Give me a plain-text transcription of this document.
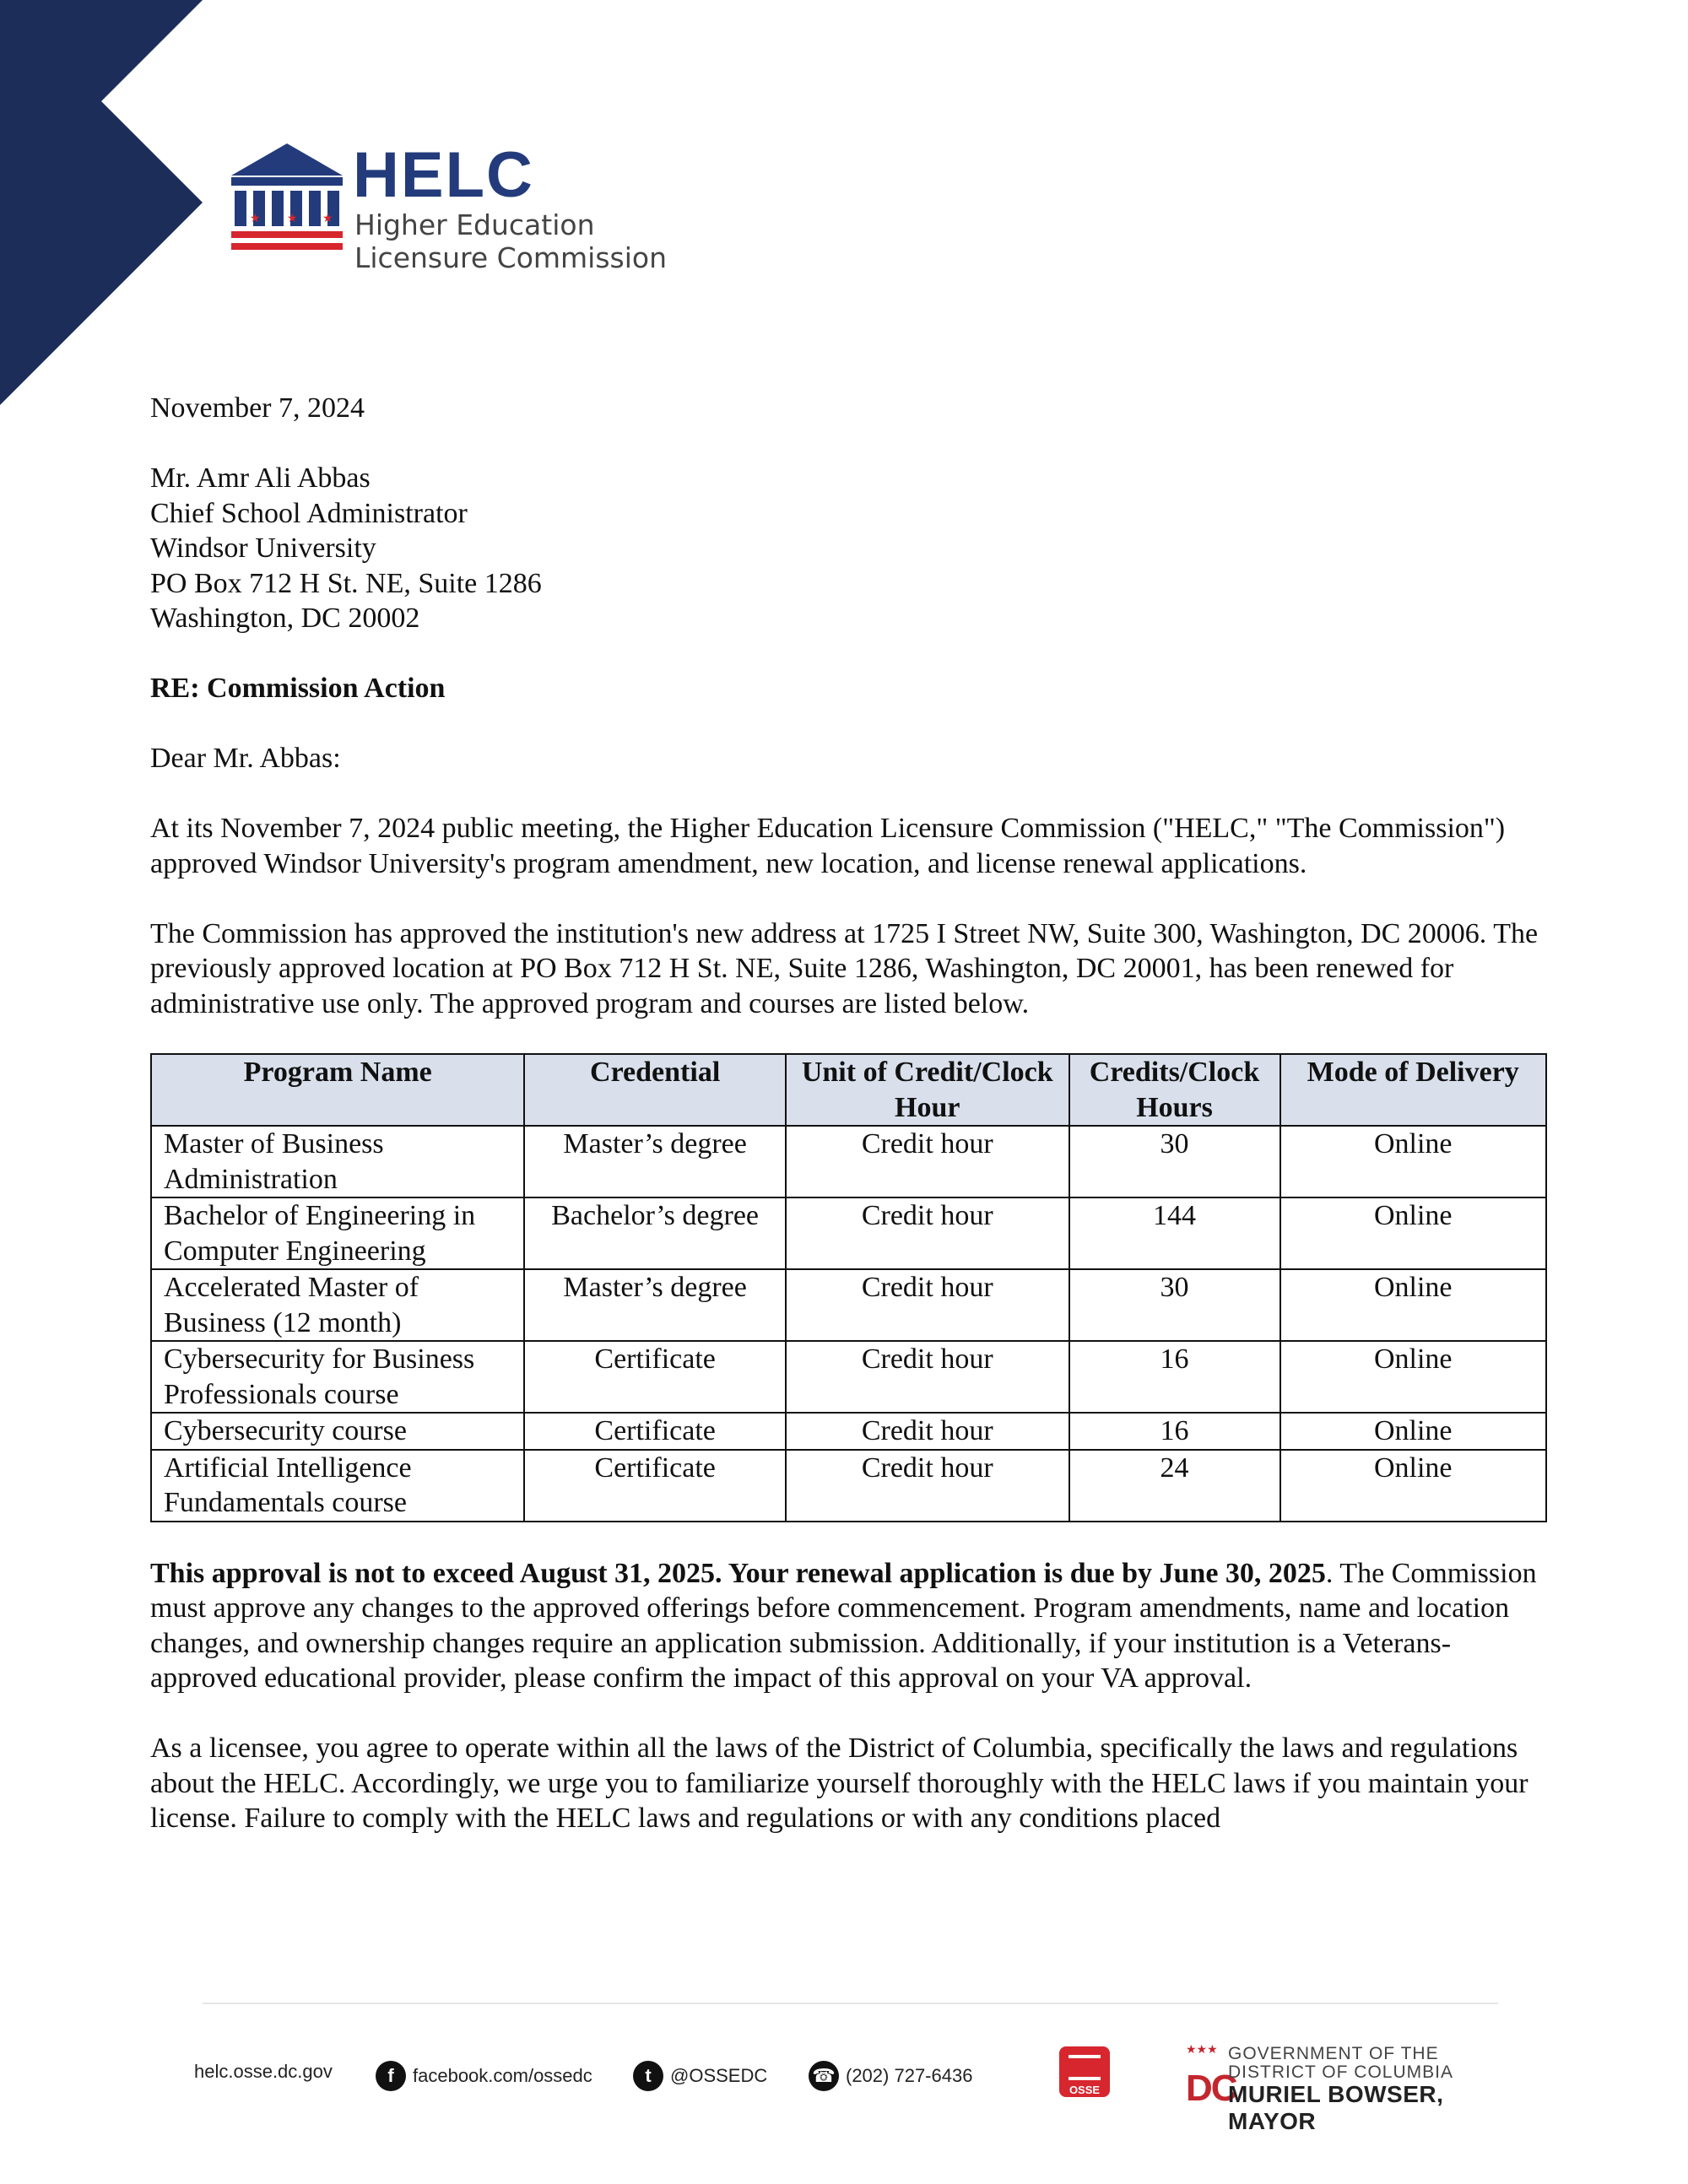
★ ★ ★

HELC

Higher Education

Licensure Commission

November 7, 2024

Mr. Amr Ali Abbas

Chief School Administrator

Windsor University

PO Box 712 H St. NE, Suite 1286

Washington, DC 20002

RE: Commission Action

Dear Mr. Abbas:

At its November 7, 2024 public meeting, the Higher Education Licensure Commission ("HELC," "The Commission") approved Windsor University's program amendment, new location, and license renewal applications.

The Commission has approved the institution's new address at 1725 I Street NW, Suite 300, Washington, DC 20006. The previously approved location at PO Box 712 H St. NE, Suite 1286, Washington, DC 20001, has been renewed for administrative use only. The approved program and courses are listed below.

Program Name	Credential	Unit of Credit/Clock Hour	Credits/Clock Hours	Mode of Delivery
Master of Business Administration	Master’s degree	Credit hour	30	Online
Bachelor of Engineering in Computer Engineering	Bachelor’s degree	Credit hour	144	Online
Accelerated Master of Business (12 month)	Master’s degree	Credit hour	30	Online
Cybersecurity for Business Professionals course	Certificate	Credit hour	16	Online
Cybersecurity course	Certificate	Credit hour	16	Online
Artificial Intelligence Fundamentals course	Certificate	Credit hour	24	Online

This approval is not to exceed August 31, 2025. Your renewal application is due by June 30, 2025. The Commission must approve any changes to the approved offerings before commencement. Program amendments, name and location changes, and ownership changes require an application submission. Additionally, if your institution is a Veterans-approved educational provider, please confirm the impact of this approval on your VA approval.

As a licensee, you agree to operate within all the laws of the District of Columbia, specifically the laws and regulations about the HELC. Accordingly, we urge you to familiarize yourself thoroughly with the HELC laws if you maintain your license. Failure to comply with the HELC laws and regulations or with any conditions placed

helc.osse.dc.gov	f	facebook.com/ossedc	t	@OSSEDC ☎ (202) 727-6436
OSSE
★★★
DC
GOVERNMENT OF THE
DISTRICT OF COLUMBIA
MURIEL BOWSER, MAYOR
